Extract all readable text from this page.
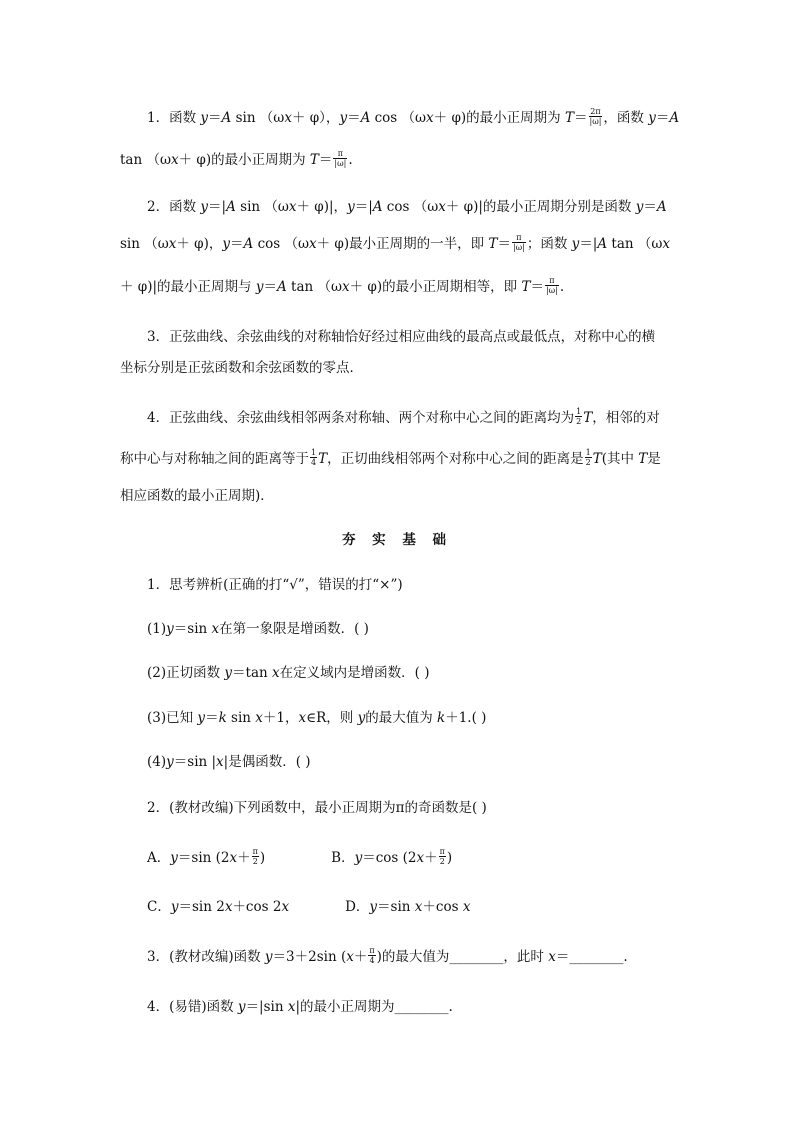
1．函数 y＝A sin （ωx＋ φ），y＝A cos （ωx＋ φ)的最小正周期为 $T= \frac{2\pi}{|\omega|}$ ，函数 y＝A
tan （ωx＋ φ)的最小正周期为 $T= \frac{\pi}{|\omega|}$ .
2．函数 y＝|A sin （ωx＋ φ)|，y＝|A cos （ωx＋ φ)|的最小正周期分别是函数 y＝A
sin （ωx＋ φ)，y＝A cos （ωx＋ φ)最小正周期的一半，即 $T= \frac{\pi}{|\omega|}$ ；函数 y＝|A tan （ωx
＋ φ)|的最小正周期与 y＝A tan （ωx＋ φ)的最小正周期相等，即 $T= \frac{\pi}{|\omega|}$ .
3．正弦曲线、余弦曲线的对称轴恰好经过相应曲线的最高点或最低点，对称中心的横
坐标分别是正弦函数和余弦函数的零点．
4．正弦曲线、余弦曲线相邻两条对称轴、两个对称中心之间的距离均为 $\frac{1}{2}$ T，相邻的对
称中心与对称轴之间的距离等于 $\frac{1}{4}$ T，正切曲线相邻两个对称中心之间的距离是 $\frac{1}{2} T$(其中 T是
相应函数的最小正周期)．
夯 实 基 础
1．思考辨析(正确的打“√”，错误的打“×”)
(1)y＝sin x在第一象限是增函数．( )
(2)正切函数 y＝tan x在定义域内是增函数．( )
(3)已知 y＝k sin x＋1，x∈R，则 y的最大值为 k＋1.( )
(4)y＝sin |x|是偶函数．( )
2．(教材改编)下列函数中，最小正周期为π的奇函数是( )
A．y＝sin ($2x+ \frac{\pi}{2}$ )	B．y＝cos ($2x+ \frac{\pi}{2}$ )
C．y＝sin 2x＋cos 2x	D．y＝sin x＋cos x
3．(教材改编)函数 y＝3＋2sin ($x+ \frac{\pi}{4}$ )的最大值为________，此时 x＝________.
4．(易错)函数 y＝|sin x|的最小正周期为________.
